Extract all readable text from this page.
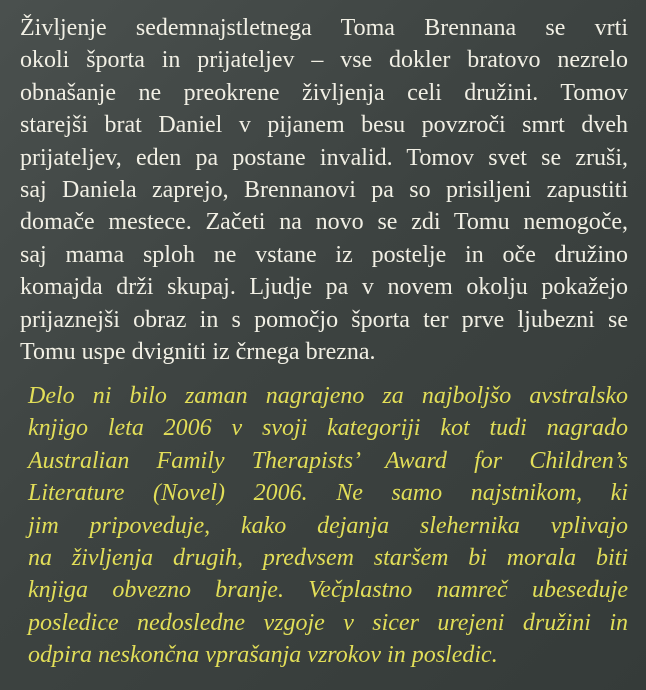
Življenje sedemnajstletnega Toma Brennana se vrti
okoli športa in prijateljev – vse dokler bratovo nezrelo
obnašanje ne preokrene življenja celi družini. Tomov
starejši brat Daniel v pijanem besu povzroči smrt dveh
prijateljev, eden pa postane invalid. Tomov svet se zruši,
saj Daniela zaprejo, Brennanovi pa so prisiljeni zapustiti
domače mestece. Začeti na novo se zdi Tomu nemogoče,
saj mama sploh ne vstane iz postelje in oče družino
komajda drži skupaj. Ljudje pa v novem okolju pokažejo
prijaznejši obraz in s pomočjo športa ter prve ljubezni se
Tomu uspe dvigniti iz črnega brezna.
Delo ni bilo zaman nagrajeno za najboljšo avstralsko
knjigo leta 2006 v svoji kategoriji kot tudi nagrado
Australian Family Therapists’ Award for Children’s
Literature (Novel) 2006. Ne samo najstnikom, ki
jim pripoveduje, kako dejanja slehernika vplivajo
na življenja drugih, predvsem staršem bi morala biti
knjiga obvezno branje. Večplastno namreč ubeseduje
posledice nedosledne vzgoje v sicer urejeni družini in
odpira neskončna vprašanja vzrokov in posledic.
